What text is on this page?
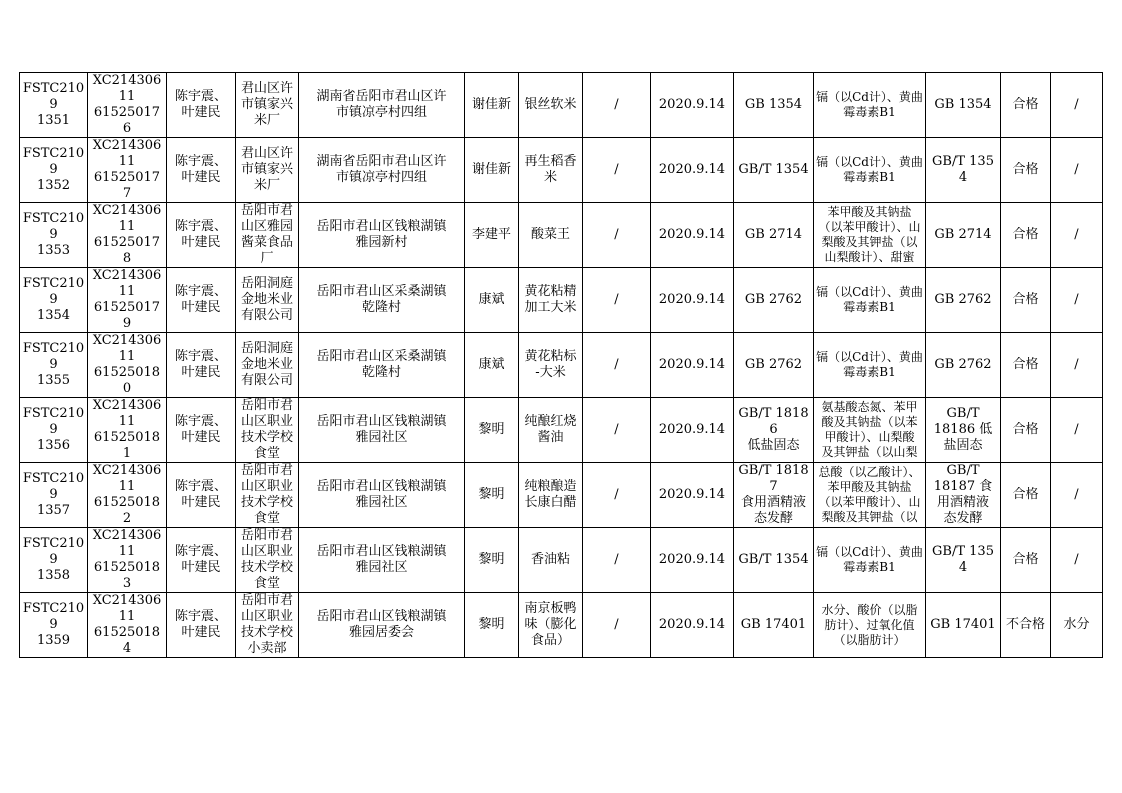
FSTC2109
1351	XC21430611
615250176	陈宇震、
叶建民	君山区许
市镇家兴
米厂	湖南省岳阳市君山区许
市镇凉亭村四组	谢佳新	银丝软米	/	2020.9.14	GB 1354	镉（以Cd计）、黄曲
霉毒素B1	GB 1354	合格	/

FSTC2109
1352	XC21430611
615250177	陈宇震、
叶建民	君山区许
市镇家兴
米厂	湖南省岳阳市君山区许
市镇凉亭村四组	谢佳新	再生稻香
米	/	2020.9.14	GB/T 1354	镉（以Cd计）、黄曲
霉毒素B1	GB/T 1354	合格	/

FSTC2109
1353	XC21430611
615250178	陈宇震、
叶建民	岳阳市君
山区雅园
酱菜食品
厂	岳阳市君山区钱粮湖镇
雅园新村	李建平	酸菜王	/	2020.9.14	GB 2714	苯甲酸及其钠盐
（以苯甲酸计）、山
梨酸及其钾盐（以
山梨酸计）、甜蜜	GB 2714	合格	/

FSTC2109
1354	XC21430611
615250179	陈宇震、
叶建民	岳阳洞庭
金地米业
有限公司	岳阳市君山区采桑湖镇
乾隆村	康斌	黄花粘精
加工大米	/	2020.9.14	GB 2762	镉（以Cd计）、黄曲
霉毒素B1	GB 2762	合格	/

FSTC2109
1355	XC21430611
615250180	陈宇震、
叶建民	岳阳洞庭
金地米业
有限公司	岳阳市君山区采桑湖镇
乾隆村	康斌	黄花粘标
-大米	/	2020.9.14	GB 2762	镉（以Cd计）、黄曲
霉毒素B1	GB 2762	合格	/

FSTC2109
1356	XC21430611
615250181	陈宇震、
叶建民	岳阳市君
山区职业
技术学校
食堂	岳阳市君山区钱粮湖镇
雅园社区	黎明	纯酿红烧
酱油	/	2020.9.14	GB/T 18186
低盐固态	氨基酸态氮、苯甲
酸及其钠盐（以苯
甲酸计）、山梨酸
及其钾盐（以山梨	GB/T
18186 低
盐固态	合格	/

FSTC2109
1357	XC21430611
615250182	陈宇震、
叶建民	岳阳市君
山区职业
技术学校
食堂	岳阳市君山区钱粮湖镇
雅园社区	黎明	纯粮酿造
长康白醋	/	2020.9.14	GB/T 18187
食用酒精液
态发酵	总酸（以乙酸计）、
苯甲酸及其钠盐
（以苯甲酸计）、山
梨酸及其钾盐（以	GB/T
18187 食
用酒精液
态发酵	合格	/

FSTC2109
1358	XC21430611
615250183	陈宇震、
叶建民	岳阳市君
山区职业
技术学校
食堂	岳阳市君山区钱粮湖镇
雅园社区	黎明	香油粘	/	2020.9.14	GB/T 1354	镉（以Cd计）、黄曲
霉毒素B1	GB/T 1354	合格	/

FSTC2109
1359	XC21430611
615250184	陈宇震、
叶建民	岳阳市君
山区职业
技术学校
小卖部	岳阳市君山区钱粮湖镇
雅园居委会	黎明	南京板鸭
味（膨化
食品）	/	2020.9.14	GB 17401	水分、酸价（以脂
肪计）、过氧化值
（以脂肪计）	GB 17401	不合格	水分
